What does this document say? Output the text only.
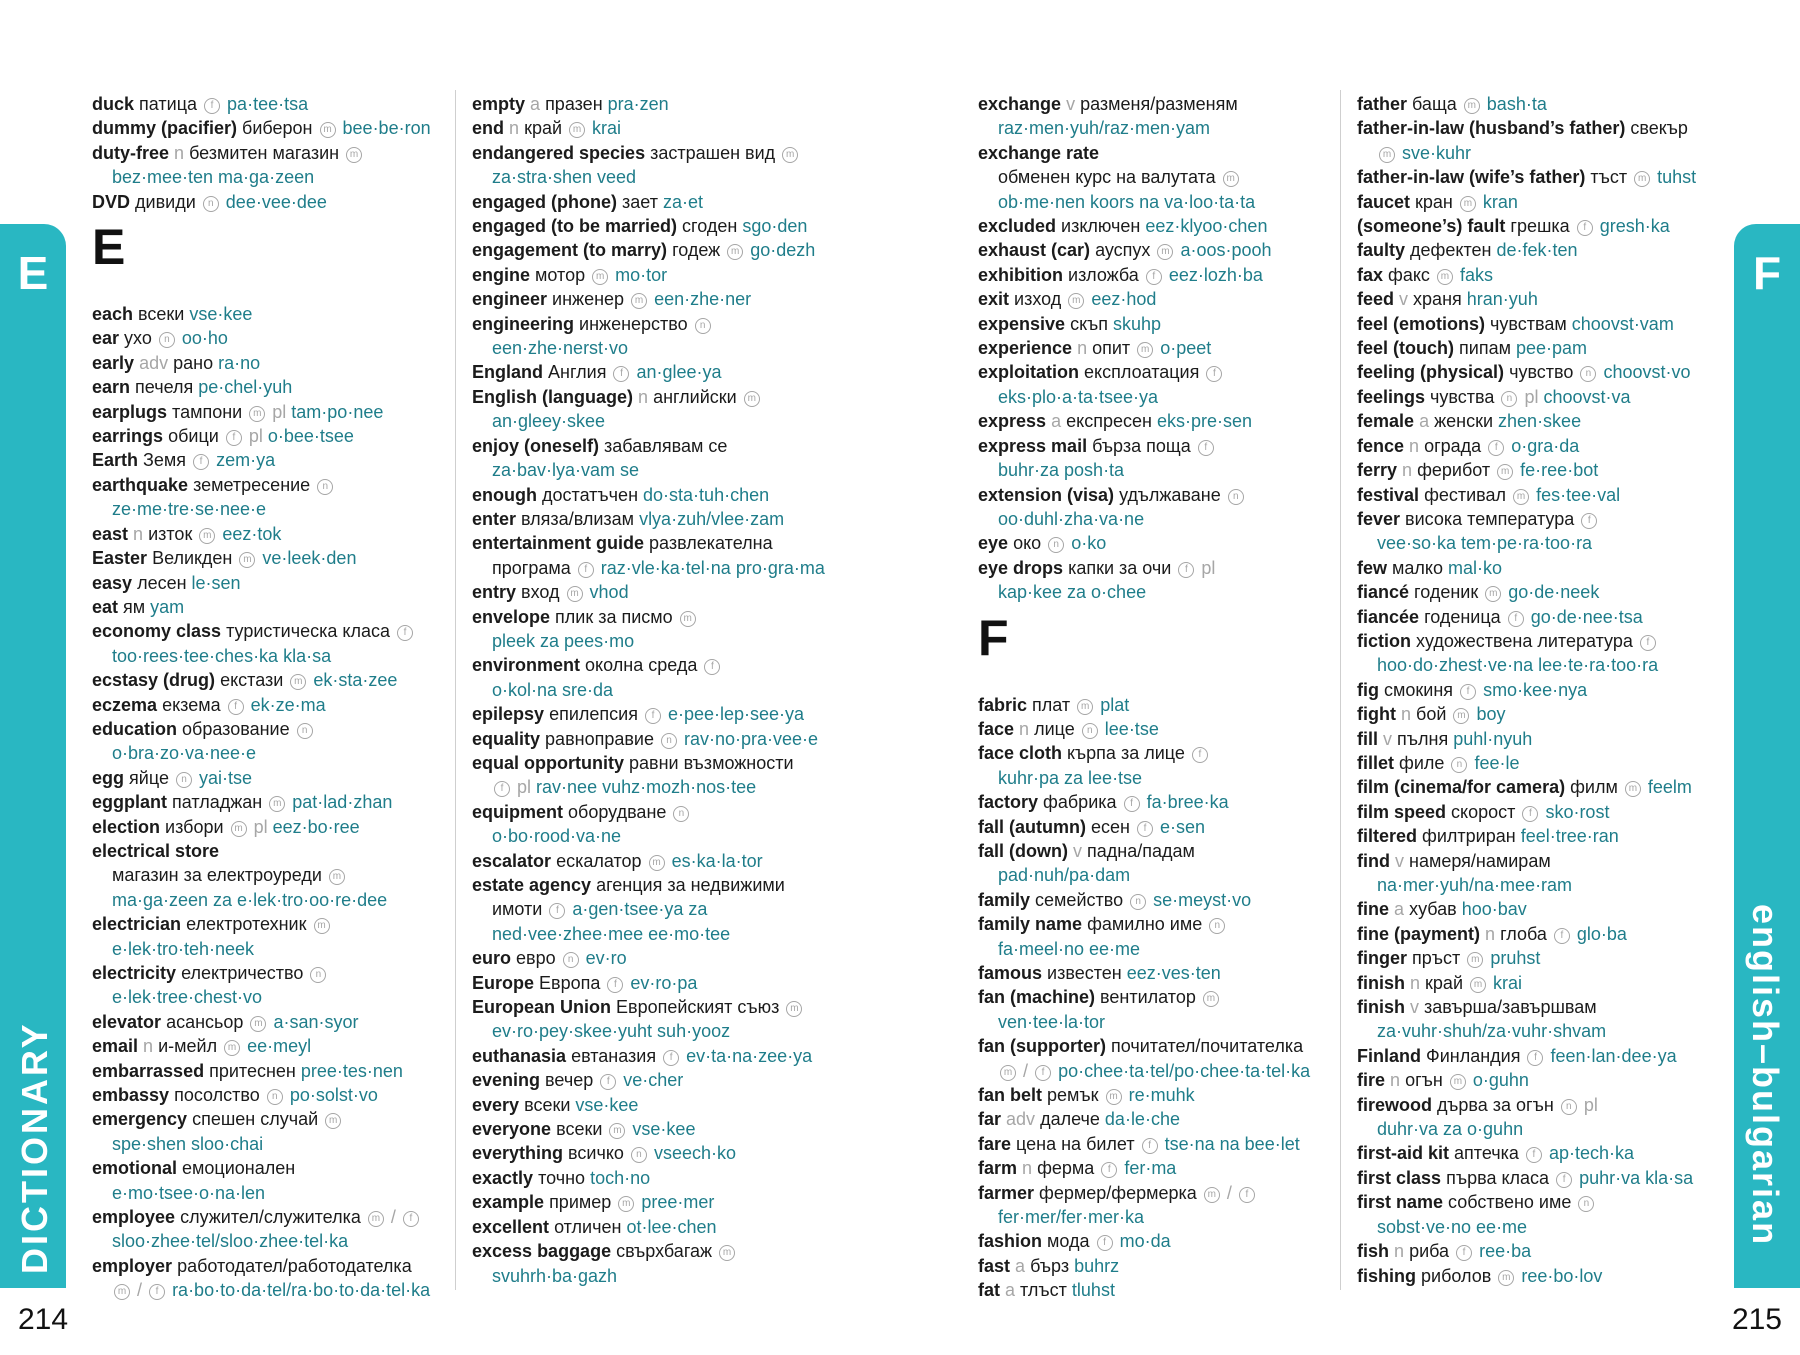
E
DICTIONARY
F
english–bulgarian
duck патица f pa·tee·tsa
dummy (pacifier) биберон m bee·be·ron
duty-free n безмитен магазин m
bez·mee·ten ma·ga·zeen
DVD дивиди n dee·vee·dee
E
each всеки vse·kee
ear ухо n oo·ho
early adv рано ra·no
earn печеля pe·chel·yuh
earplugs тампони m pl tam·po·nee
earrings обици f pl o·bee·tsee
Earth Земя f zem·ya
earthquake земетресение n
ze·me·tre·se·nee·e
east n изток m eez·tok
Easter Великден m ve·leek·den
easy лесен le·sen
eat ям yam
economy class туристическа класа f
too·rees·tee·ches·ka kla·sa
ecstasy (drug) екстази m ek·sta·zee
eczema екзема f ek·ze·ma
education образование n
o·bra·zo·va·nee·e
egg яйце n yai·tse
eggplant патладжан m pat·lad·zhan
election избори m pl eez·bo·ree
electrical store
магазин за електроуреди m
ma·ga·zeen za e·lek·tro·oo·re·dee
electrician електротехник m
e·lek·tro·teh·neek
electricity електричество n
e·lek·tree·chest·vo
elevator асансьор m a·san·syor
email n и-мейл m ee·meyl
embarrassed притеснен pree·tes·nen
embassy посолство n po·solst·vo
emergency спешен случай m
spe·shen sloo·chai
emotional емоционален
e·mo·tsee·o·na·len
employee служител/служителка m / f
sloo·zhee·tel/sloo·zhee·tel·ka
employer работодател/работодателка
m / f ra·bo·to·da·tel/ra·bo·to·da·tel·ka
empty a празен pra·zen
end n край m krai
endangered species застрашен вид m
za·stra·shen veed
engaged (phone) зает za·et
engaged (to be married) сгоден sgo·den
engagement (to marry) годеж m go·dezh
engine мотор m mo·tor
engineer инженер m een·zhe·ner
engineering инженерство n
een·zhe·nerst·vo
England Англия f an·glee·ya
English (language) n английски m
an·gleey·skee
enjoy (oneself) забавлявам се
za·bav·lya·vam se
enough достатъчен do·sta·tuh·chen
enter вляза/влизам vlya·zuh/vlee·zam
entertainment guide развлекателна
програма f raz·vle·ka·tel·na pro·gra·ma
entry вход m vhod
envelope плик за писмо m
pleek za pees·mo
environment околна среда f
o·kol·na sre·da
epilepsy епилепсия f e·pee·lep·see·ya
equality равноправие n rav·no·pra·vee·e
equal opportunity равни възможности
f pl rav·nee vuhz·mozh·nos·tee
equipment оборудване n
o·bo·rood·va·ne
escalator ескалатор m es·ka·la·tor
estate agency агенция за недвижими
имоти f a·gen·tsee·ya za
ned·vee·zhee·mee ee·mo·tee
euro евро n ev·ro
Europe Европа f ev·ro·pa
European Union Европейският съюз m
ev·ro·pey·skee·yuht suh·yooz
euthanasia евтаназия f ev·ta·na·zee·ya
evening вечер f ve·cher
every всеки vse·kee
everyone всеки m vse·kee
everything всичко n vseech·ko
exactly точно toch·no
example пример m pree·mer
excellent отличен ot·lee·chen
excess baggage свърхбагаж m
svuhrh·ba·gazh
exchange v разменя/разменям
raz·men·yuh/raz·men·yam
exchange rate
обменен курс на валутата m
ob·me·nen koors na va·loo·ta·ta
excluded изключен eez·klyoo·chen
exhaust (car) ауспух m a·oos·pooh
exhibition изложба f eez·lozh·ba
exit изход m eez·hod
expensive скъп skuhp
experience n опит m o·peet
exploitation експлоатация f
eks·plo·a·ta·tsee·ya
express a експресен eks·pre·sen
express mail бърза поща f
buhr·za posh·ta
extension (visa) удължаване n
oo·duhl·zha·va·ne
eye око n o·ko
eye drops капки за очи f pl
kap·kee za o·chee
F
fabric плат m plat
face n лице n lee·tse
face cloth кърпа за лице f
kuhr·pa za lee·tse
factory фабрика f fa·bree·ka
fall (autumn) есен f e·sen
fall (down) v падна/падам
pad·nuh/pa·dam
family семейство n se·meyst·vo
family name фамилно име n
fa·meel·no ee·me
famous известен eez·ves·ten
fan (machine) вентилатор m
ven·tee·la·tor
fan (supporter) почитател/почитателка
m / f po·chee·ta·tel/po·chee·ta·tel·ka
fan belt ремък m re·muhk
far adv далече da·le·che
fare цена на билет f tse·na na bee·let
farm n ферма f fer·ma
farmer фермер/фермерка m / f
fer·mer/fer·mer·ka
fashion мода f mo·da
fast a бърз buhrz
fat a тлъст tluhst
father баща m bash·ta
father-in-law (husband’s father) свекър
m sve·kuhr
father-in-law (wife’s father) тъст m tuhst
faucet кран m kran
(someone’s) fault грешка f gresh·ka
faulty дефектен de·fek·ten
fax факс m faks
feed v храня hran·yuh
feel (emotions) чувствам choovst·vam
feel (touch) пипам pee·pam
feeling (physical) чувство n choovst·vo
feelings чувства n pl choovst·va
female a женски zhen·skee
fence n ограда f o·gra·da
ferry n ферибот m fe·ree·bot
festival фестивал m fes·tee·val
fever висока температура f
vee·so·ka tem·pe·ra·too·ra
few малко mal·ko
fiancé годеник m go·de·neek
fiancée годеница f go·de·nee·tsa
fiction художествена литература f
hoo·do·zhest·ve·na lee·te·ra·too·ra
fig смокиня f smo·kee·nya
fight n бой m boy
fill v пълня puhl·nyuh
fillet филе n fee·le
film (cinema/for camera) филм m feelm
film speed скорост f sko·rost
filtered филтриран feel·tree·ran
find v намеря/намирам
na·mer·yuh/na·mee·ram
fine a хубав hoo·bav
fine (payment) n глоба f glo·ba
finger пръст m pruhst
finish n край m krai
finish v завърша/завършвам
za·vuhr·shuh/za·vuhr·shvam
Finland Финландия f feen·lan·dee·ya
fire n огън m o·guhn
firewood дърва за огън n pl
duhr·va za o·guhn
first-aid kit аптечка f ap·tech·ka
first class първа класа f puhr·va kla·sa
first name собствено име n
sobst·ve·no ee·me
fish n риба f ree·ba
fishing риболов m ree·bo·lov
214	215
